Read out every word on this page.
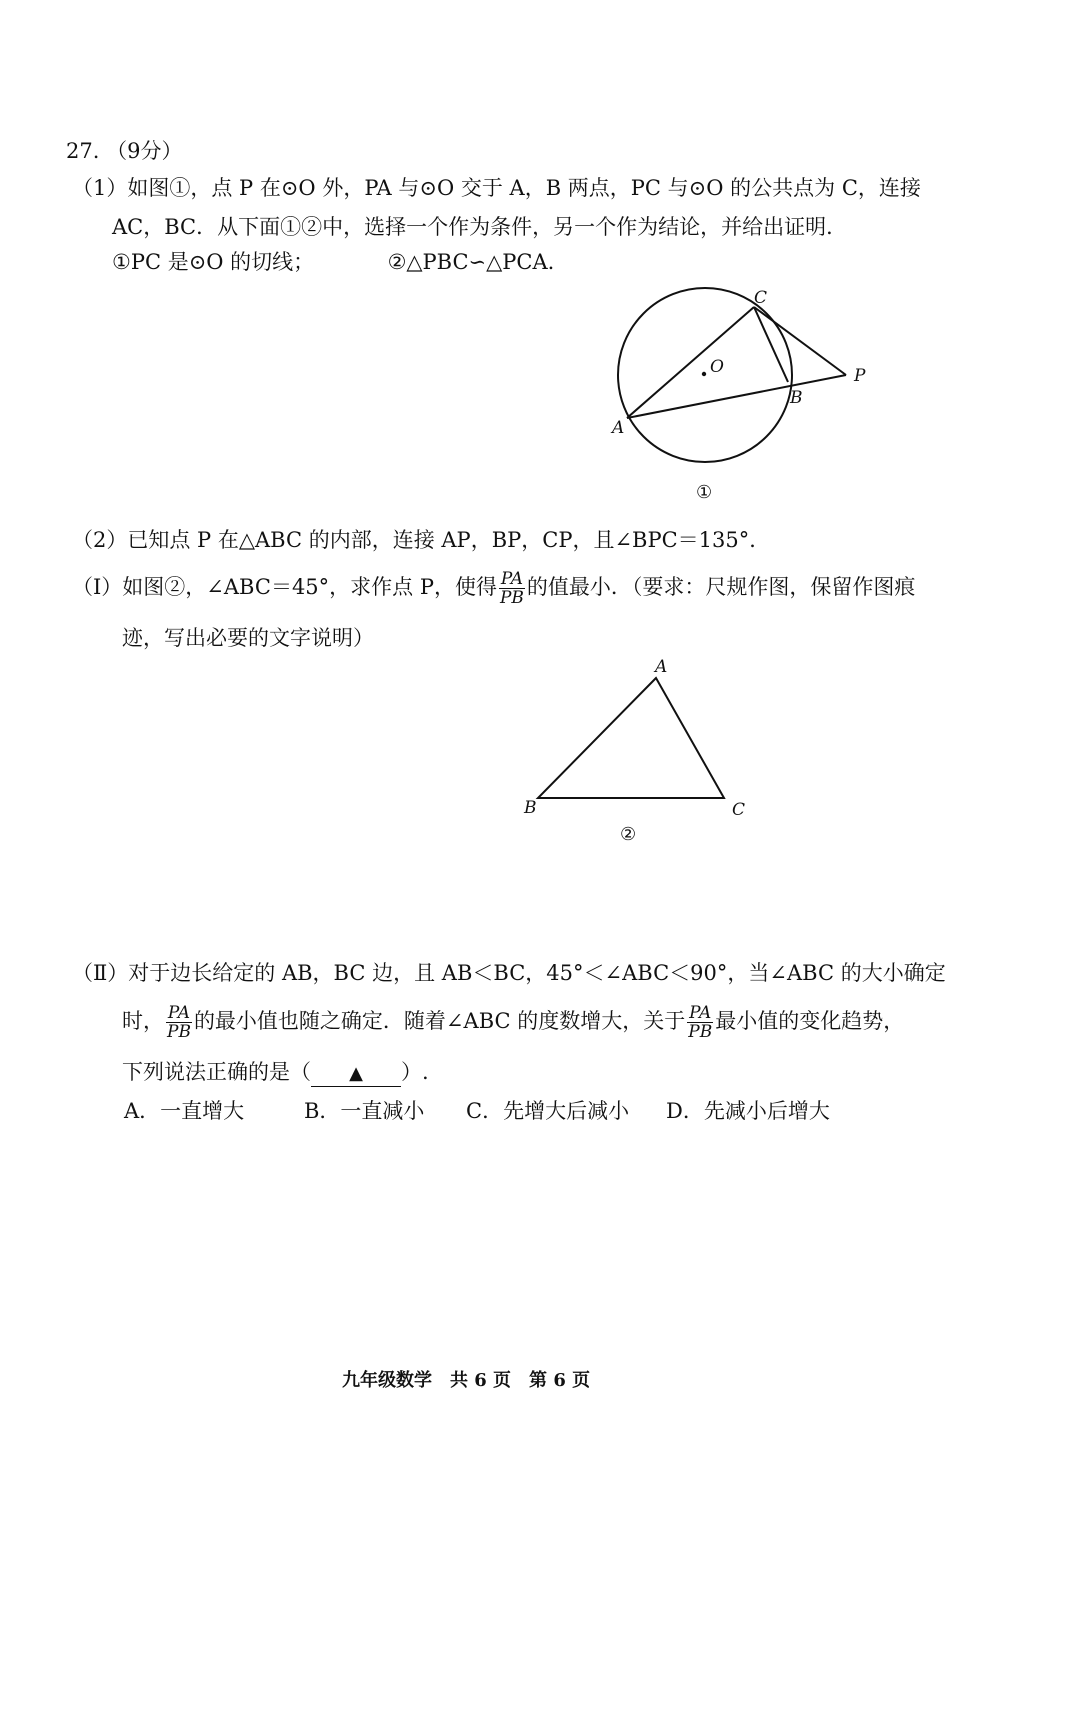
27. （9分）
（1）如图①，点 P 在⊙O 外，PA 与⊙O 交于 A，B 两点，PC 与⊙O 的公共点为 C，连接
AC，BC．从下面①②中，选择一个作为条件，另一个作为结论，并给出证明．
①PC 是⊙O 的切线；	②△PBC∽△PCA.
C
O	P
B
A
①
（2）已知点 P 在△ABC 的内部，连接 AP，BP，CP，且∠BPC＝135°．
（Ⅰ）如图②，∠ABC＝45°，求作点 P，使得 $\frac{PA}{PB}$ 的值最小．（要求：尺规作图，保留作图痕
迹，写出必要的文字说明）
A
B	C
②
（Ⅱ）对于边长给定的 AB，BC 边，且 AB＜BC，45°＜∠ABC＜90°，当∠ABC 的大小确定
时， $\frac{PA}{PB}$ 的最小值也随之确定．随着∠ABC 的度数增大，关于 $\frac{PA}{PB}$ 最小值的变化趋势，
下列说法正确的是（ ▲ ）.
A．一直增大	B．一直减小 C．先增大后减小 D．先减小后增大
九年级数学　共 6 页　第 6 页
